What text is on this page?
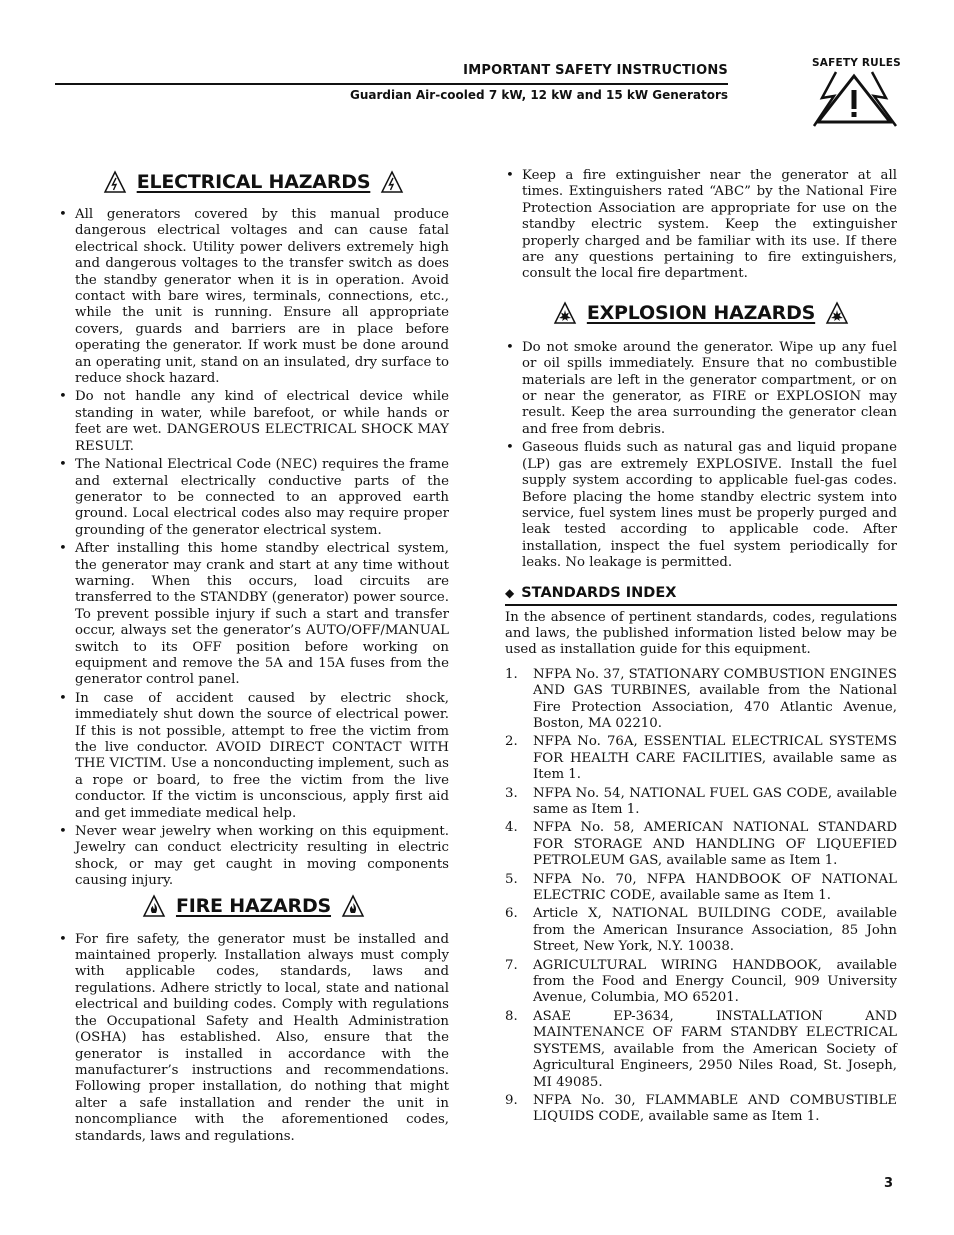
IMPORTANT SAFETY INSTRUCTIONS
Guardian Air-cooled 7 kW, 12 kW and 15 kW Generators
SAFETY RULES
ELECTRICAL HAZARDS
• All generators covered by this manual produce dangerous electrical voltages and can cause fatal electrical shock. Utility power delivers extremely high and dangerous voltages to the transfer switch as does the standby generator when it is in operation. Avoid contact with bare wires, terminals, connections, etc., while the unit is running. Ensure all appropriate covers, guards and barriers are in place before operating the generator. If work must be done around an operating unit, stand on an insulated, dry surface to reduce shock hazard.
• Do not handle any kind of electrical device while standing in water, while barefoot, or while hands or feet are wet. DANGEROUS ELECTRICAL SHOCK MAY RESULT.
• The National Electrical Code (NEC) requires the frame and external electrically conductive parts of the generator to be connected to an approved earth ground. Local electrical codes also may require proper grounding of the generator electrical system.
• After installing this home standby electrical system, the generator may crank and start at any time without warning. When this occurs, load circuits are transferred to the STANDBY (generator) power source. To prevent possible injury if such a start and transfer occur, always set the generator’s AUTO/OFF/MANUAL switch to its OFF position before working on equipment and remove the 5A and 15A fuses from the generator control panel.
• In case of accident caused by electric shock, immediately shut down the source of electrical power. If this is not possible, attempt to free the victim from the live conductor. AVOID DIRECT CONTACT WITH THE VICTIM. Use a nonconducting implement, such as a rope or board, to free the victim from the live conductor. If the victim is unconscious, apply first aid and get immediate medical help.
• Never wear jewelry when working on this equipment. Jewelry can conduct electricity resulting in electric shock, or may get caught in moving components causing injury.
FIRE HAZARDS
• For fire safety, the generator must be installed and maintained properly. Installation always must comply with applicable codes, standards, laws and regulations. Adhere strictly to local, state and national electrical and building codes. Comply with regulations the Occupational Safety and Health Administration (OSHA) has established. Also, ensure that the generator is installed in accordance with the manufacturer’s instructions and recommendations. Following proper installation, do nothing that might alter a safe installation and render the unit in noncompliance with the aforementioned codes, standards, laws and regulations.
• Keep a fire extinguisher near the generator at all times. Extinguishers rated “ABC” by the National Fire Protection Association are appropriate for use on the standby electric system. Keep the extinguisher properly charged and be familiar with its use. If there are any questions pertaining to fire extinguishers, consult the local fire department.
EXPLOSION HAZARDS
• Do not smoke around the generator. Wipe up any fuel or oil spills immediately. Ensure that no combustible materials are left in the generator compartment, or on or near the generator, as FIRE or EXPLOSION may result. Keep the area surrounding the generator clean and free from debris.
• Gaseous fluids such as natural gas and liquid propane (LP) gas are extremely EXPLOSIVE. Install the fuel supply system according to applicable fuel-gas codes. Before placing the home standby electric system into service, fuel system lines must be properly purged and leak tested according to applicable code. After installation, inspect the fuel system periodically for leaks. No leakage is permitted.
◆ STANDARDS INDEX

In the absence of pertinent standards, codes, regulations and laws, the published information listed below may be used as installation guide for this equipment.

1. NFPA No. 37, STATIONARY COMBUSTION ENGINES AND GAS TURBINES, available from the National Fire Protection Association, 470 Atlantic Avenue, Boston, MA 02210.
2. NFPA No. 76A, ESSENTIAL ELECTRICAL SYSTEMS FOR HEALTH CARE FACILITIES, available same as Item 1.
3. NFPA No. 54, NATIONAL FUEL GAS CODE, available same as Item 1.
4. NFPA No. 58, AMERICAN NATIONAL STANDARD FOR STORAGE AND HANDLING OF LIQUEFIED PETROLEUM GAS, available same as Item 1.
5. NFPA No. 70, NFPA HANDBOOK OF NATIONAL ELECTRIC CODE, available same as Item 1.
6. Article X, NATIONAL BUILDING CODE, available from the American Insurance Association, 85 John Street, New York, N.Y. 10038.
7. AGRICULTURAL WIRING HANDBOOK, available from the Food and Energy Council, 909 University Avenue, Columbia, MO 65201.
8. ASAE EP-3634, INSTALLATION AND MAINTENANCE OF FARM STANDBY ELECTRICAL SYSTEMS, available from the American Society of Agricultural Engineers, 2950 Niles Road, St. Joseph, MI 49085.
9. NFPA No. 30, FLAMMABLE AND COMBUSTIBLE LIQUIDS CODE, available same as Item 1.
3
